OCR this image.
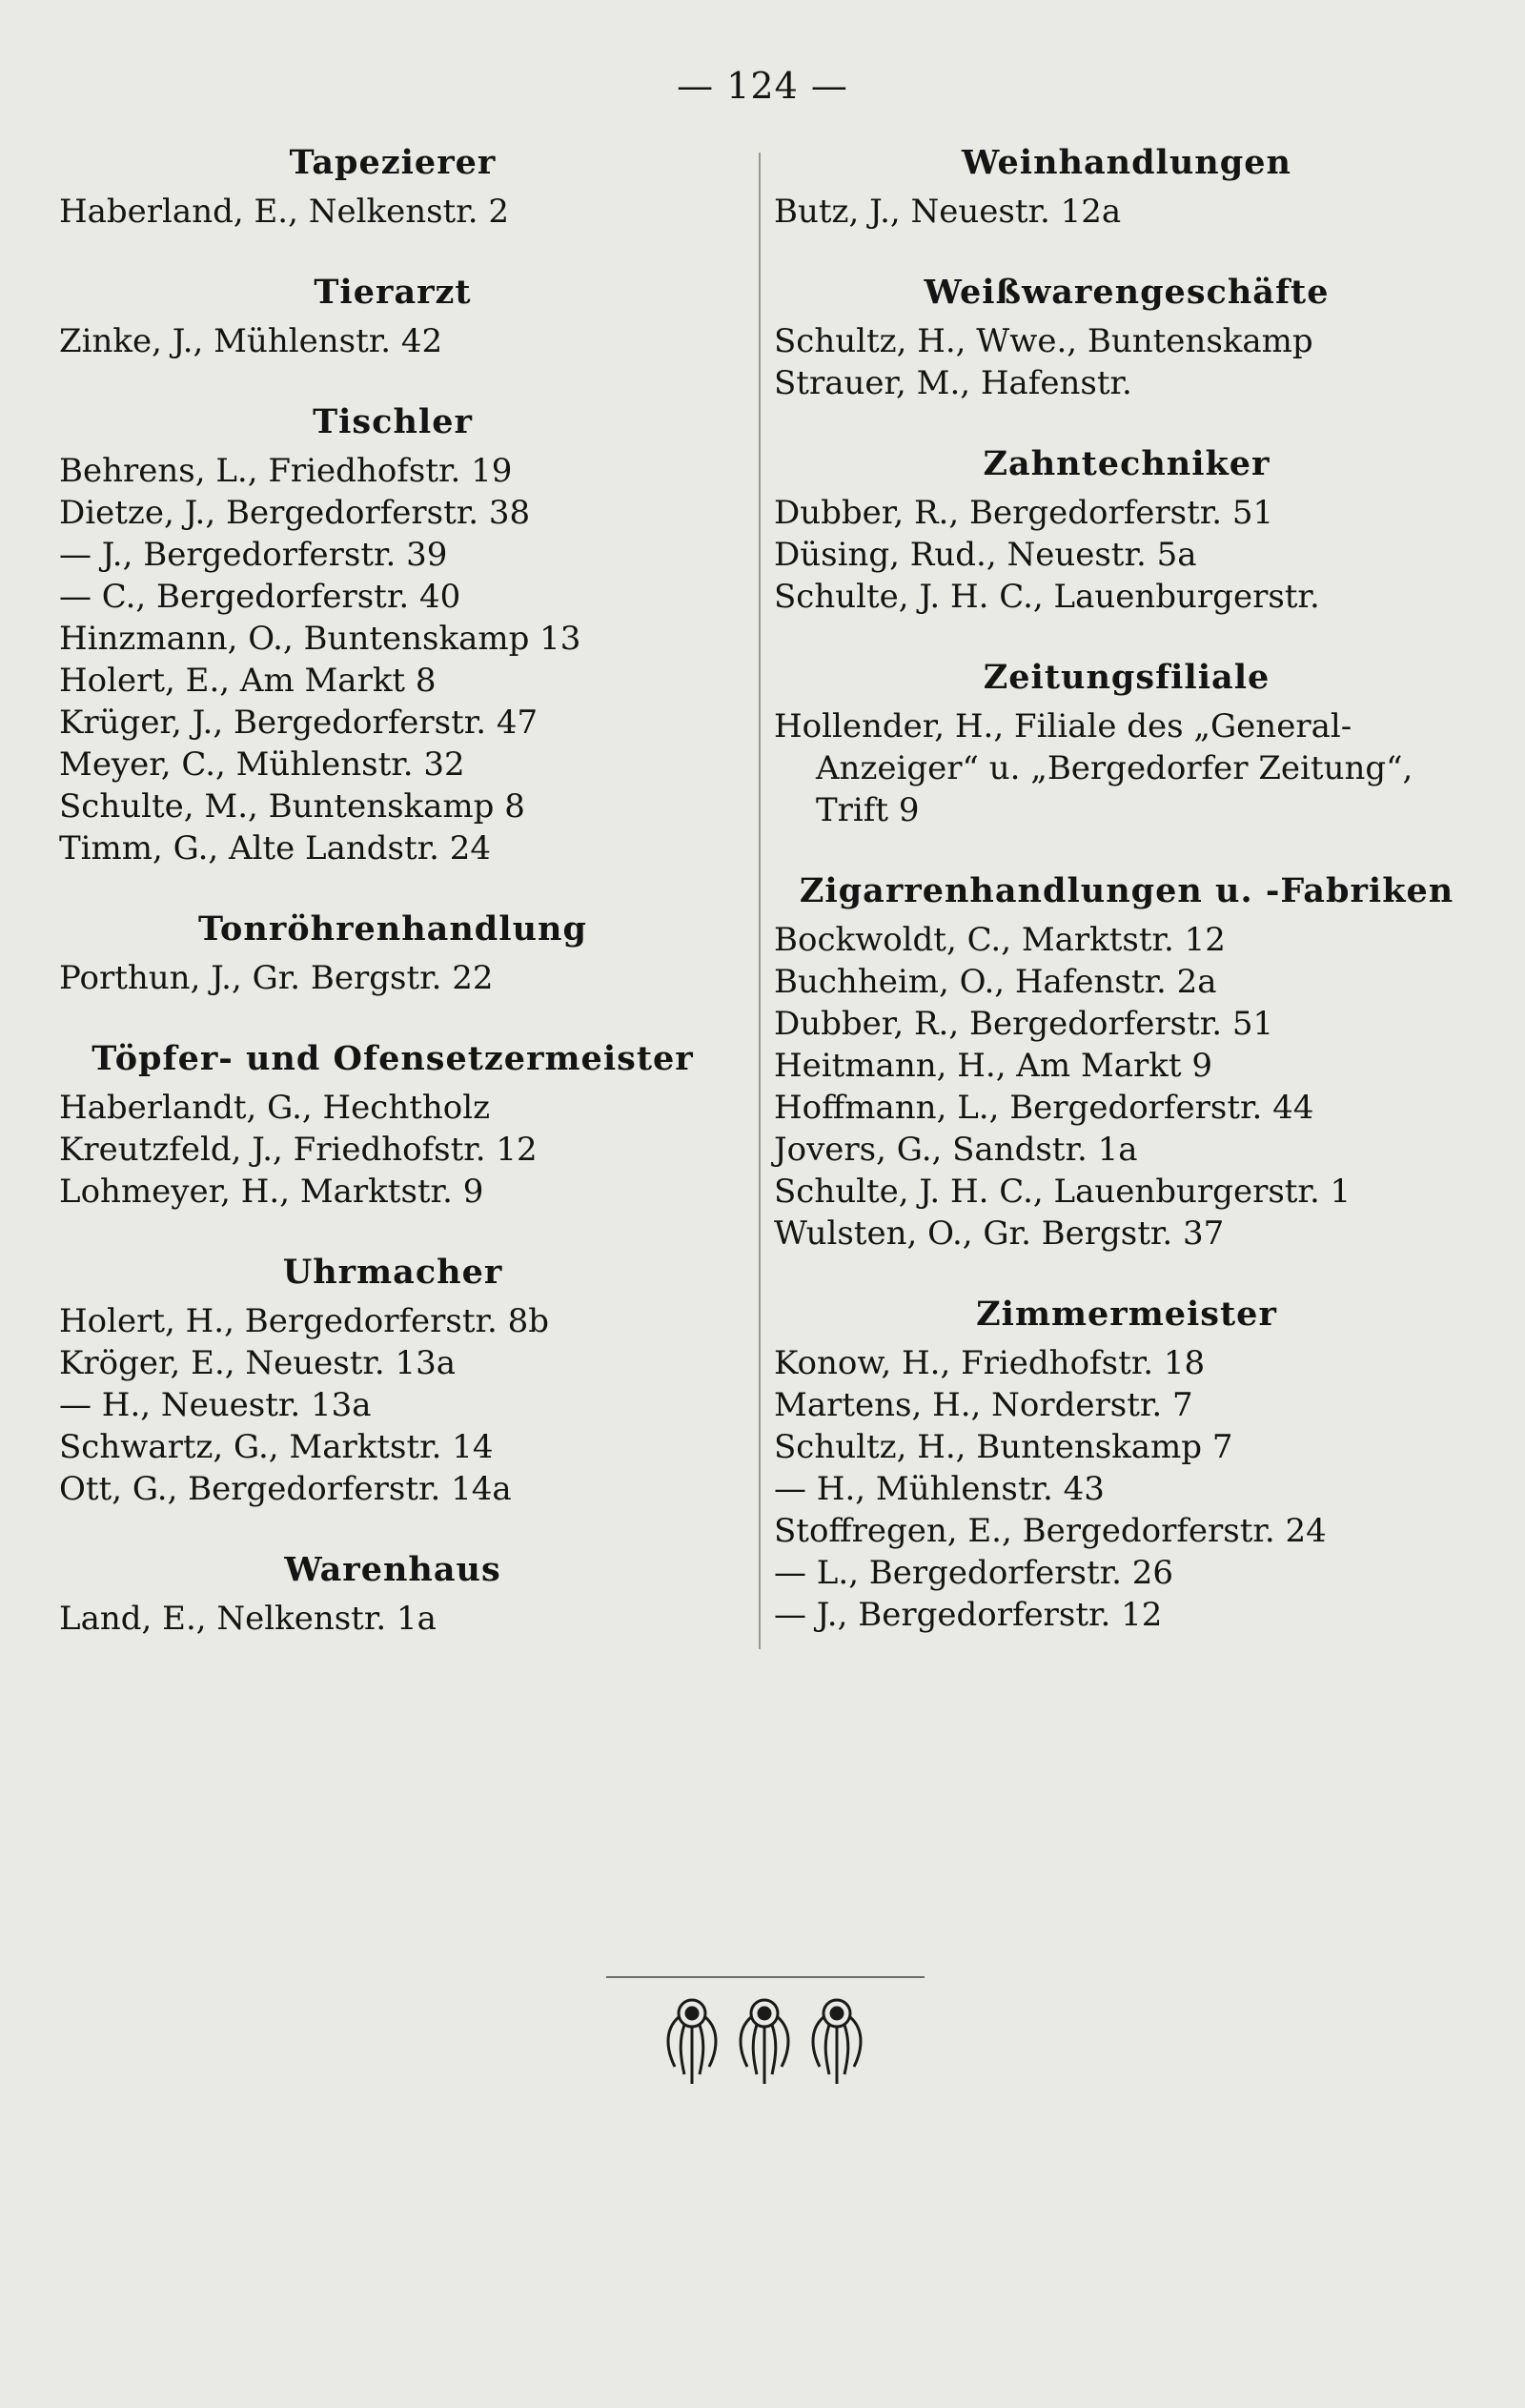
— 124 —
Tapezierer
Haberland, E., Nelkenstr. 2
Tierarzt
Zinke, J., Mühlenstr. 42
Tischler
Behrens, L., Friedhofstr. 19
Dietze, J., Bergedorferstr. 38
— J., Bergedorferstr. 39
— C., Bergedorferstr. 40
Hinzmann, O., Buntenskamp 13
Holert, E., Am Markt 8
Krüger, J., Bergedorferstr. 47
Meyer, C., Mühlenstr. 32
Schulte, M., Buntenskamp 8
Timm, G., Alte Landstr. 24
Tonröhrenhandlung
Porthun, J., Gr. Bergstr. 22
Töpfer- und Ofensetzermeister
Haberlandt, G., Hechtholz
Kreutzfeld, J., Friedhofstr. 12
Lohmeyer, H., Marktstr. 9
Uhrmacher
Holert, H., Bergedorferstr. 8b
Kröger, E., Neuestr. 13a
— H., Neuestr. 13a
Schwartz, G., Marktstr. 14
Ott, G., Bergedorferstr. 14a
Warenhaus
Land, E., Nelkenstr. 1a
Weinhandlungen
Butz, J., Neuestr. 12a
Weißwarengeschäfte
Schultz, H., Wwe., Buntenskamp
Strauer, M., Hafenstr.
Zahntechniker
Dubber, R., Bergedorferstr. 51
Düsing, Rud., Neuestr. 5a
Schulte, J. H. C., Lauenburgerstr.
Zeitungsfiliale
Hollender, H., Filiale des „General-
Anzeiger“ u. „Bergedorfer Zeitung“,
Trift 9
Zigarrenhandlungen u. -Fabriken
Bockwoldt, C., Marktstr. 12
Buchheim, O., Hafenstr. 2a
Dubber, R., Bergedorferstr. 51
Heitmann, H., Am Markt 9
Hoffmann, L., Bergedorferstr. 44
Jovers, G., Sandstr. 1a
Schulte, J. H. C., Lauenburgerstr. 1
Wulsten, O., Gr. Bergstr. 37
Zimmermeister
Konow, H., Friedhofstr. 18
Martens, H., Norderstr. 7
Schultz, H., Buntenskamp 7
— H., Mühlenstr. 43
Stoffregen, E., Bergedorferstr. 24
— L., Bergedorferstr. 26
— J., Bergedorferstr. 12
